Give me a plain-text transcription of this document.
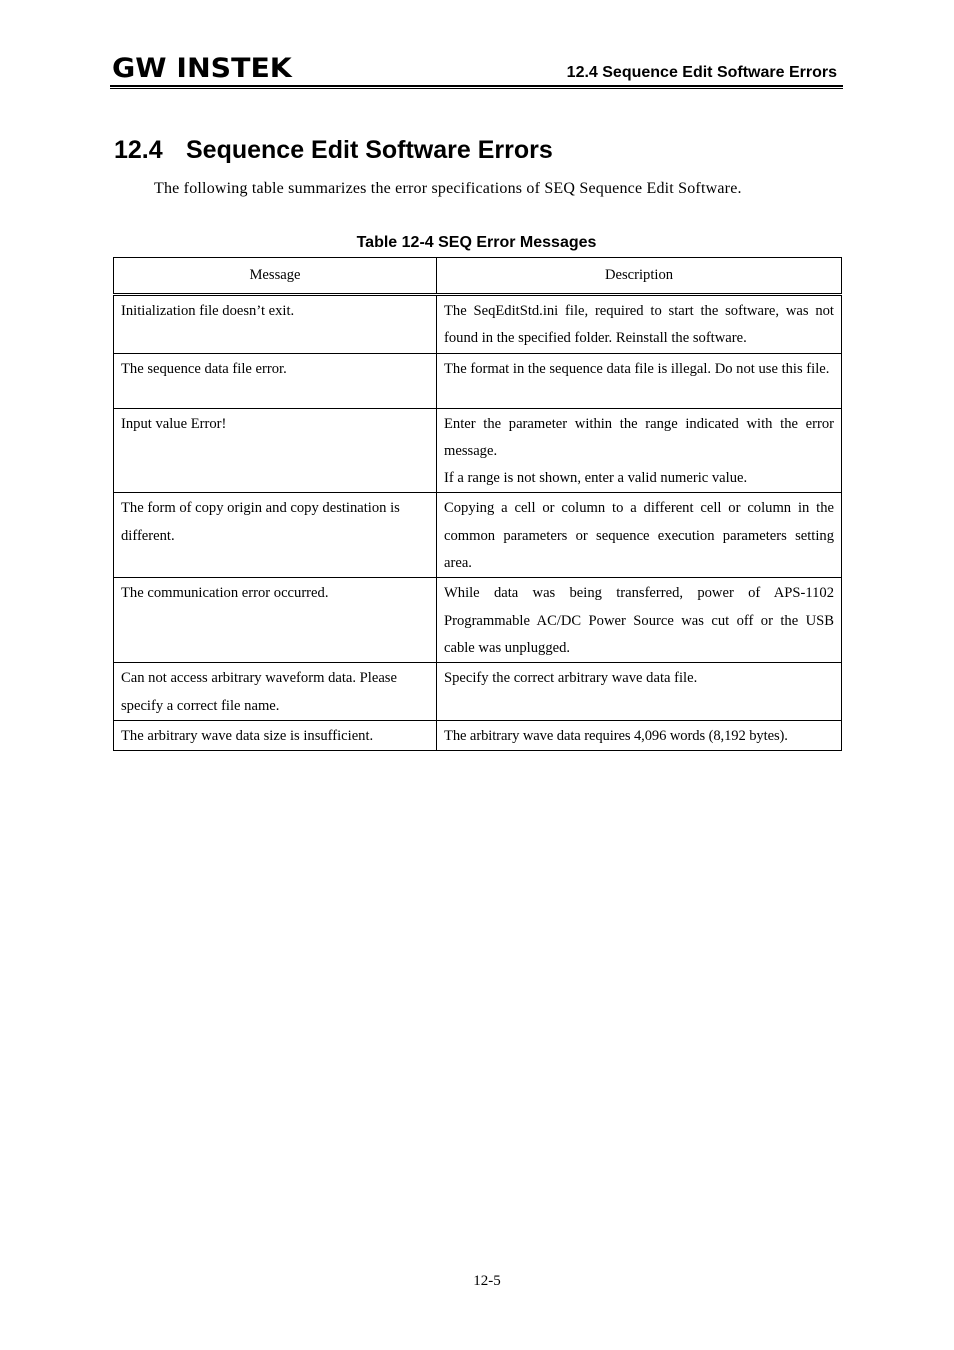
GW INSTEK	12.4 Sequence Edit Software Errors
12.4 Sequence Edit Software Errors

The following table summarizes the error specifications of SEQ Sequence Edit Software.

Table 12-4 SEQ Error Messages
Message	Description
Initialization file doesn’t exit.	The SeqEditStd.ini file, required to start the software, was not found in the specified folder. Reinstall the software.
The sequence data file error.	The format in the sequence data file is illegal. Do not use this file.
Input value Error!	Enter the parameter within the range indicated with the error message.
If a range is not shown, enter a valid numeric value.

The form of copy origin and copy destination is different.	Copying a cell or column to a different cell or column in the common parameters or sequence execution parameters setting area.
The communication error occurred.	While data was being transferred, power of APS-1102 Programmable AC/DC Power Source was cut off or the USB cable was unplugged.
Can not access arbitrary waveform data. Please specify a correct file name.	Specify the correct arbitrary wave data file.
The arbitrary wave data size is insufficient.	The arbitrary wave data requires 4,096 words (8,192 bytes).
12-5
